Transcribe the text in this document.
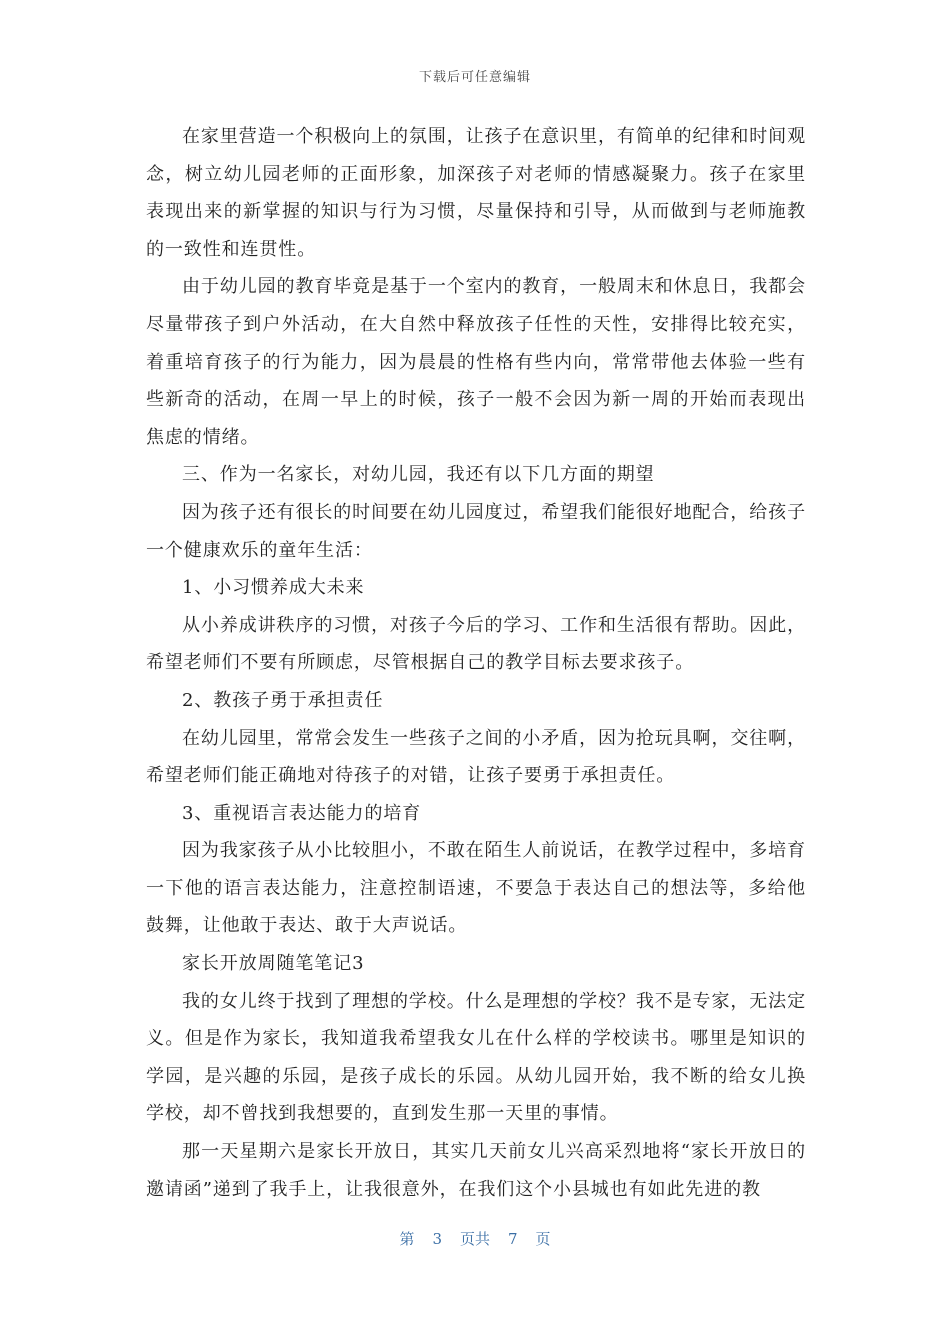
下载后可任意编辑

在家里营造一个积极向上的氛围，让孩子在意识里，有简单的纪律和时间观念，树立幼儿园老师的正面形象，加深孩子对老师的情感凝聚力。孩子在家里表现出来的新掌握的知识与行为习惯，尽量保持和引导，从而做到与老师施教的一致性和连贯性。

由于幼儿园的教育毕竟是基于一个室内的教育，一般周末和休息日，我都会尽量带孩子到户外活动，在大自然中释放孩子任性的天性，安排得比较充实，着重培育孩子的行为能力，因为晨晨的性格有些内向，常常带他去体验一些有些新奇的活动，在周一早上的时候，孩子一般不会因为新一周的开始而表现出焦虑的情绪。

三、作为一名家长，对幼儿园，我还有以下几方面的期望

因为孩子还有很长的时间要在幼儿园度过，希望我们能很好地配合，给孩子一个健康欢乐的童年生活：

1、小习惯养成大未来

从小养成讲秩序的习惯，对孩子今后的学习、工作和生活很有帮助。因此，希望老师们不要有所顾虑，尽管根据自己的教学目标去要求孩子。

2、教孩子勇于承担责任

在幼儿园里，常常会发生一些孩子之间的小矛盾，因为抢玩具啊，交往啊，希望老师们能正确地对待孩子的对错，让孩子要勇于承担责任。

3、重视语言表达能力的培育

因为我家孩子从小比较胆小，不敢在陌生人前说话，在教学过程中，多培育一下他的语言表达能力，注意控制语速，不要急于表达自己的想法等，多给他鼓舞，让他敢于表达、敢于大声说话。

家长开放周随笔笔记3

我的女儿终于找到了理想的学校。什么是理想的学校？我不是专家，无法定义。但是作为家长，我知道我希望我女儿在什么样的学校读书。哪里是知识的学园，是兴趣的乐园，是孩子成长的乐园。从幼儿园开始，我不断的给女儿换学校，却不曾找到我想要的，直到发生那一天里的事情。

那一天星期六是家长开放日，其实几天前女儿兴高采烈地将“家长开放日的邀请函”递到了我手上，让我很意外，在我们这个小县城也有如此先进的教

第 3 页共 7 页
